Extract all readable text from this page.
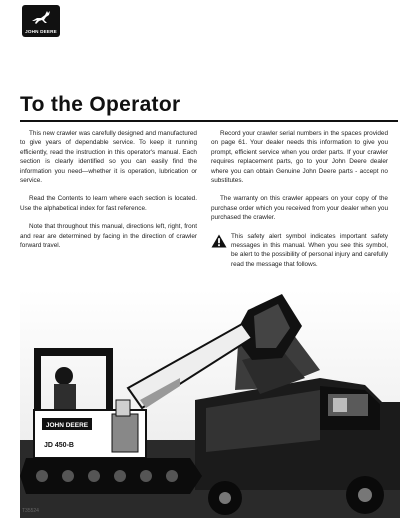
JOHN DEERE
To the Operator

This new crawler was carefully designed and manufactured to give years of dependable service. To keep it running efficiently, read the instruction in this operator's manual. Each section is clearly identified so you can easily find the information you need—whether it is operation, lubrication or service.

Read the Contents to learn where each section is located. Use the alphabetical index for fast reference.

Note that throughout this manual, directions left, right, front and rear are determined by facing in the direction of crawler forward travel.

Record your crawler serial numbers in the spaces provided on page 61. Your dealer needs this information to give you prompt, efficient service when you order parts. If your crawler requires replacement parts, go to your John Deere dealer where you can obtain Genuine John Deere parts - accept no substitutes.

The warranty on this crawler appears on your copy of the purchase order which you received from your dealer when you purchased the crawler.

This safety alert symbol indicates important safety messages in this manual. When you see this symbol, be alert to the possibility of personal injury and carefully read the message that follows.

JOHN DEERE
JD 450-B
T35524
